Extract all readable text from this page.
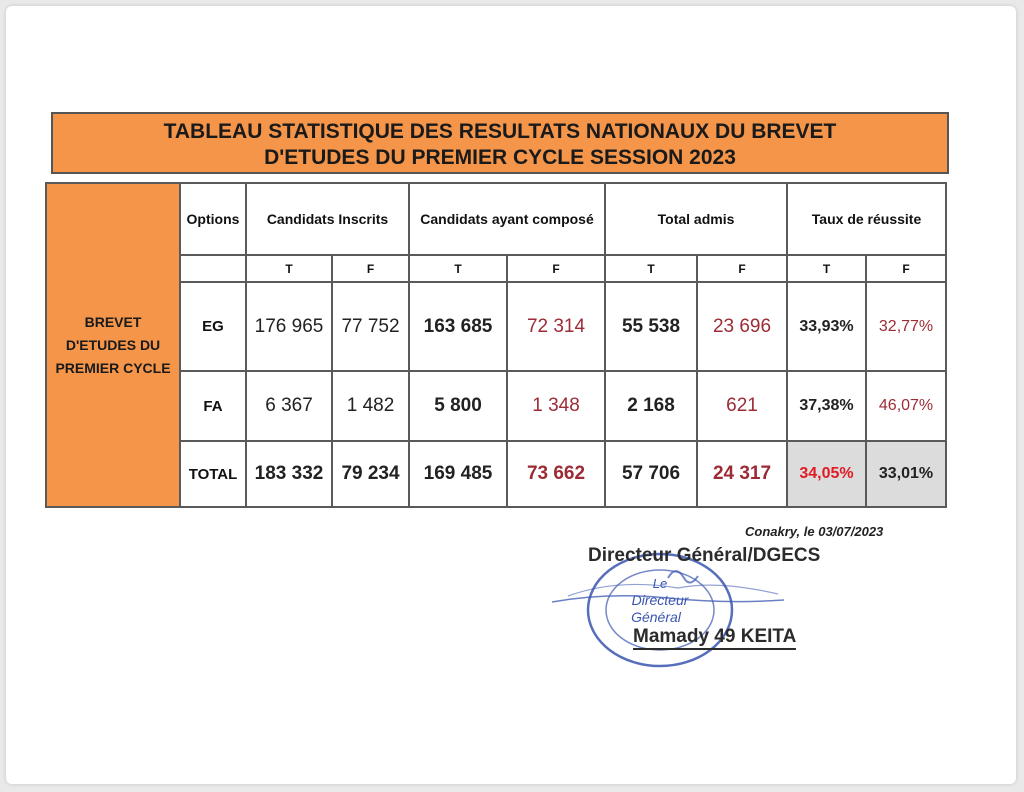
TABLEAU STATISTIQUE DES RESULTATS NATIONAUX DU BREVET
D'ETUDES DU PREMIER CYCLE SESSION 2023
BREVET
D'ETUDES DU
PREMIER CYCLE	Options	Candidats Inscrits		Candidats ayant composé		Total admis		Taux de réussite	
		T	F	T	F	T	F	T	F
	EG	176 965	77 752	163 685	72 314	55 538	23 696	33,93%	32,77%
	FA	6 367	1 482	5 800	1 348	2 168	621	37,38%	46,07%
	TOTAL	183 332	79 234	169 485	73 662	57 706	24 317	34,05%	33,01%
Conakry, le 03/07/2023
Le
Directeur
Général
Directeur Général/DGECS
Mamady 49 KEITA
